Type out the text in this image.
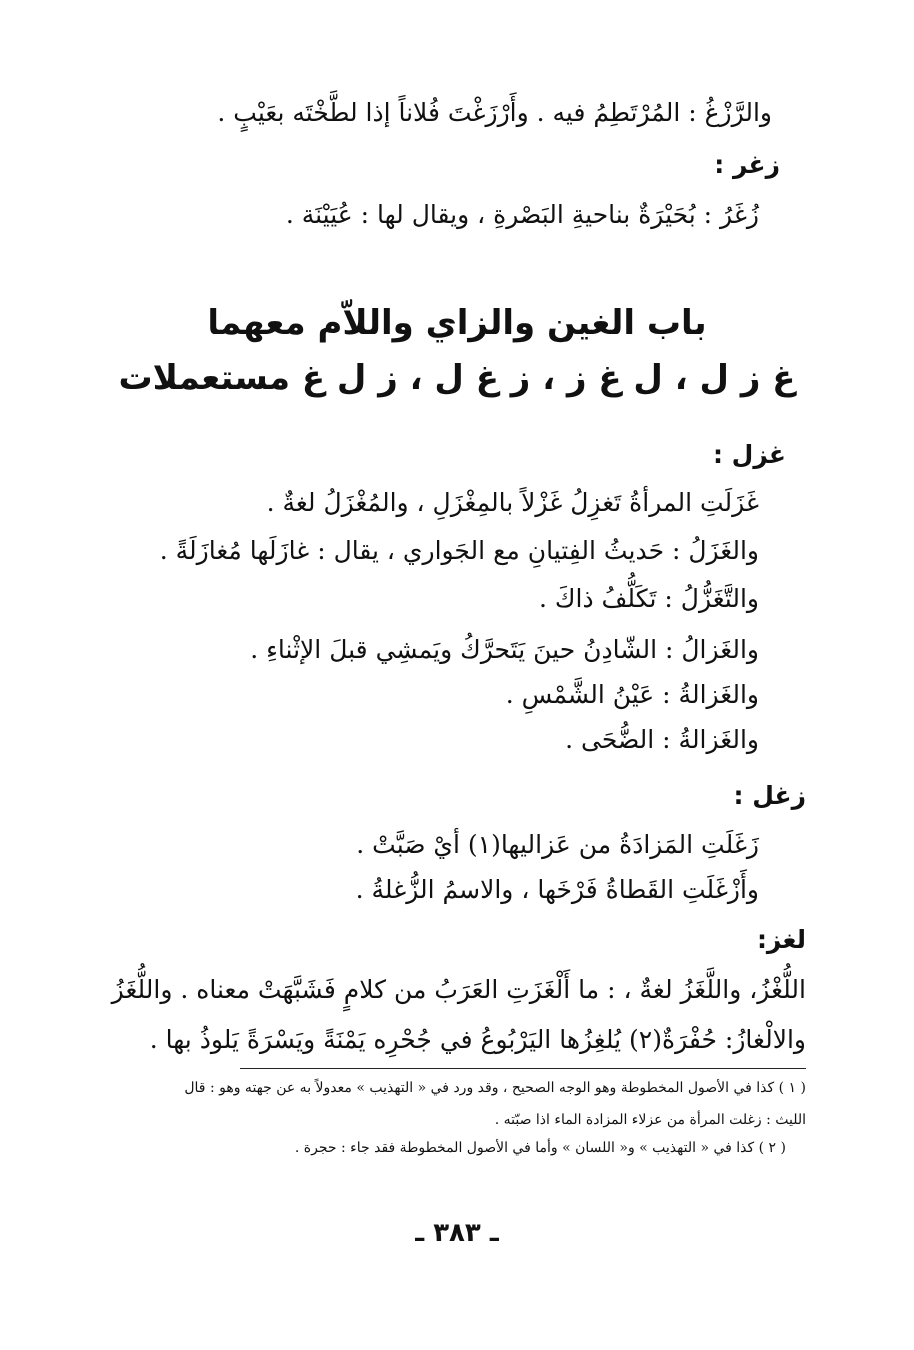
والرَّزْغُ : المُرْتَطِمُ فيه . وأَرْزَغْتَ فُلاناً إذا لطَّخْتَه بعَيْبٍ .
زغر :
زُغَرُ : بُحَيْرَةٌ بناحيةِ البَصْرةِ ، ويقال لها : عُيَيْنَة .
باب الغين والزاي واللاّم معهما
غ ز ل ، ل غ ز ، ز غ ل ، ز ل غ مستعملات
غزل :
غَزَلَتِ المرأةُ تَغزِلُ غَزْلاً بالمِغْزَلِ ، والمُغْزَلُ لغةٌ .
والغَزَلُ : حَديثُ الفِتيانِ مع الجَواري ، يقال : غازَلَها مُغازَلَةً .
والتَّغَزُّلُ : تَكَلُّفُ ذاكَ .
والغَزالُ : الشّادِنُ حينَ يَتَحرَّكُ ويَمشِي قبلَ الإثْناءِ .
والغَزالةُ : عَيْنُ الشَّمْسِ .
والغَزالةُ : الضُّحَى .
زغل :
زَغَلَتِ المَزادَةُ من عَزاليها(١) أيْ صَبَّتْ .
وأَزْغَلَتِ القَطاةُ فَرْخَها ، والاسمُ الزُّغلةُ .
لغز:
اللُّغْزُ، واللَّغَزُ لغةٌ ، : ما أَلْغَزَتِ العَرَبُ من كلامٍ فَشَبَّهَتْ معناه . واللُّغَزُ
والالْغازُ: حُفْرَةٌ(٢) يُلغِزُها اليَرْبُوعُ في جُحْرِه يَمْنَةً ويَسْرَةً يَلوذُ بها .
( ١ ) كذا في الأصول المخطوطة وهو الوجه الصحيح ، وقد ورد في « التهذيب » معدولاً به عن جهته وهو : قال
الليث : زغلت المرأة من عزلاء المزادة الماء اذا صبّته .
( ٢ ) كذا في « التهذيب » و« اللسان » وأما في الأصول المخطوطة فقد جاء : حجرة .
ـ ٣٨٣ ـ
